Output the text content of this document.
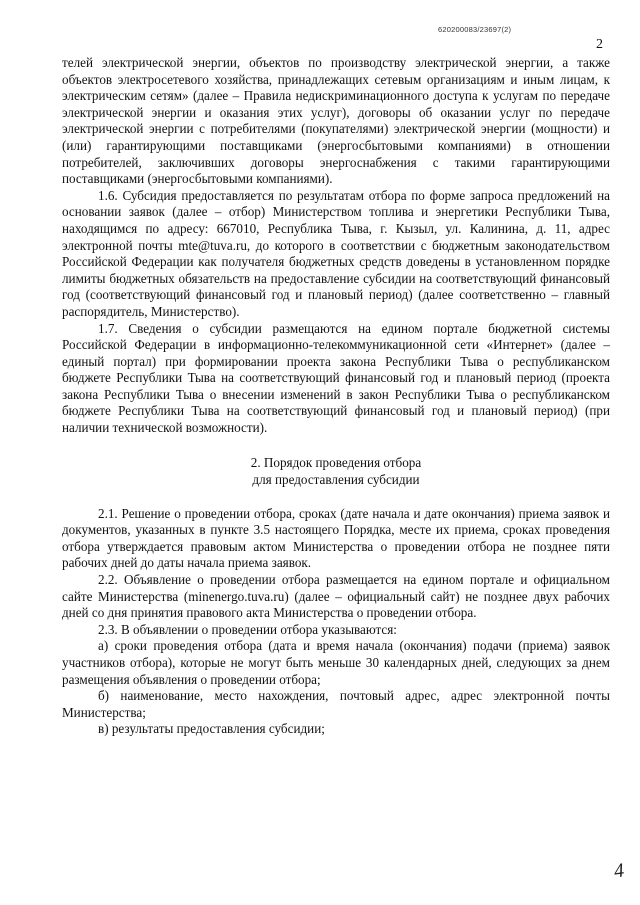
620200083/23697(2)
2

телей электрической энергии, объектов по производству электрической энергии, а также объектов электросетевого хозяйства, принадлежащих сетевым организациям и иным лицам, к электрическим сетям» (далее – Правила недискриминационного доступа к услугам по передаче электрической энергии и оказания этих услуг), договоры об оказании услуг по передаче электрической энергии с потребителями (покупателями) электрической энергии (мощности) и (или) гарантирующими поставщиками (энергосбытовыми компаниями) в отношении потребителей, заключивших договоры энергоснабжения с такими гарантирующими поставщиками (энергосбытовыми компаниями).

1.6. Субсидия предоставляется по результатам отбора по форме запроса предложений на основании заявок (далее – отбор) Министерством топлива и энергетики Республики Тыва, находящимся по адресу: 667010, Республика Тыва, г. Кызыл, ул. Калинина, д. 11, адрес электронной почты mte@tuva.ru, до которого в соответствии с бюджетным законодательством Российской Федерации как получателя бюджетных средств доведены в установленном порядке лимиты бюджетных обязательств на предоставление субсидии на соответствующий финансовый год (соответствующий финансовый год и плановый период) (далее соответственно – главный распорядитель, Министерство).

1.7. Сведения о субсидии размещаются на едином портале бюджетной системы Российской Федерации в информационно-телекоммуникационной сети «Интернет» (далее – единый портал) при формировании проекта закона Республики Тыва о республиканском бюджете Республики Тыва на соответствующий финансовый год и плановый период (проекта закона Республики Тыва о внесении изменений в закон Республики Тыва о республиканском бюджете Республики Тыва на соответствующий финансовый год и плановый период) (при наличии технической возможности).

2. Порядок проведения отбора
для предоставления субсидии

2.1. Решение о проведении отбора, сроках (дате начала и дате окончания) приема заявок и документов, указанных в пункте 3.5 настоящего Порядка, месте их приема, сроках проведения отбора утверждается правовым актом Министерства о проведении отбора не позднее пяти рабочих дней до даты начала приема заявок.

2.2. Объявление о проведении отбора размещается на едином портале и официальном сайте Министерства (minenergo.tuva.ru) (далее – официальный сайт) не позднее двух рабочих дней со дня принятия правового акта Министерства о проведении отбора.

2.3. В объявлении о проведении отбора указываются:

а) сроки проведения отбора (дата и время начала (окончания) подачи (приема) заявок участников отбора), которые не могут быть меньше 30 календарных дней, следующих за днем размещения объявления о проведении отбора;

б) наименование, место нахождения, почтовый адрес, адрес электронной почты Министерства;

в) результаты предоставления субсидии;

4
